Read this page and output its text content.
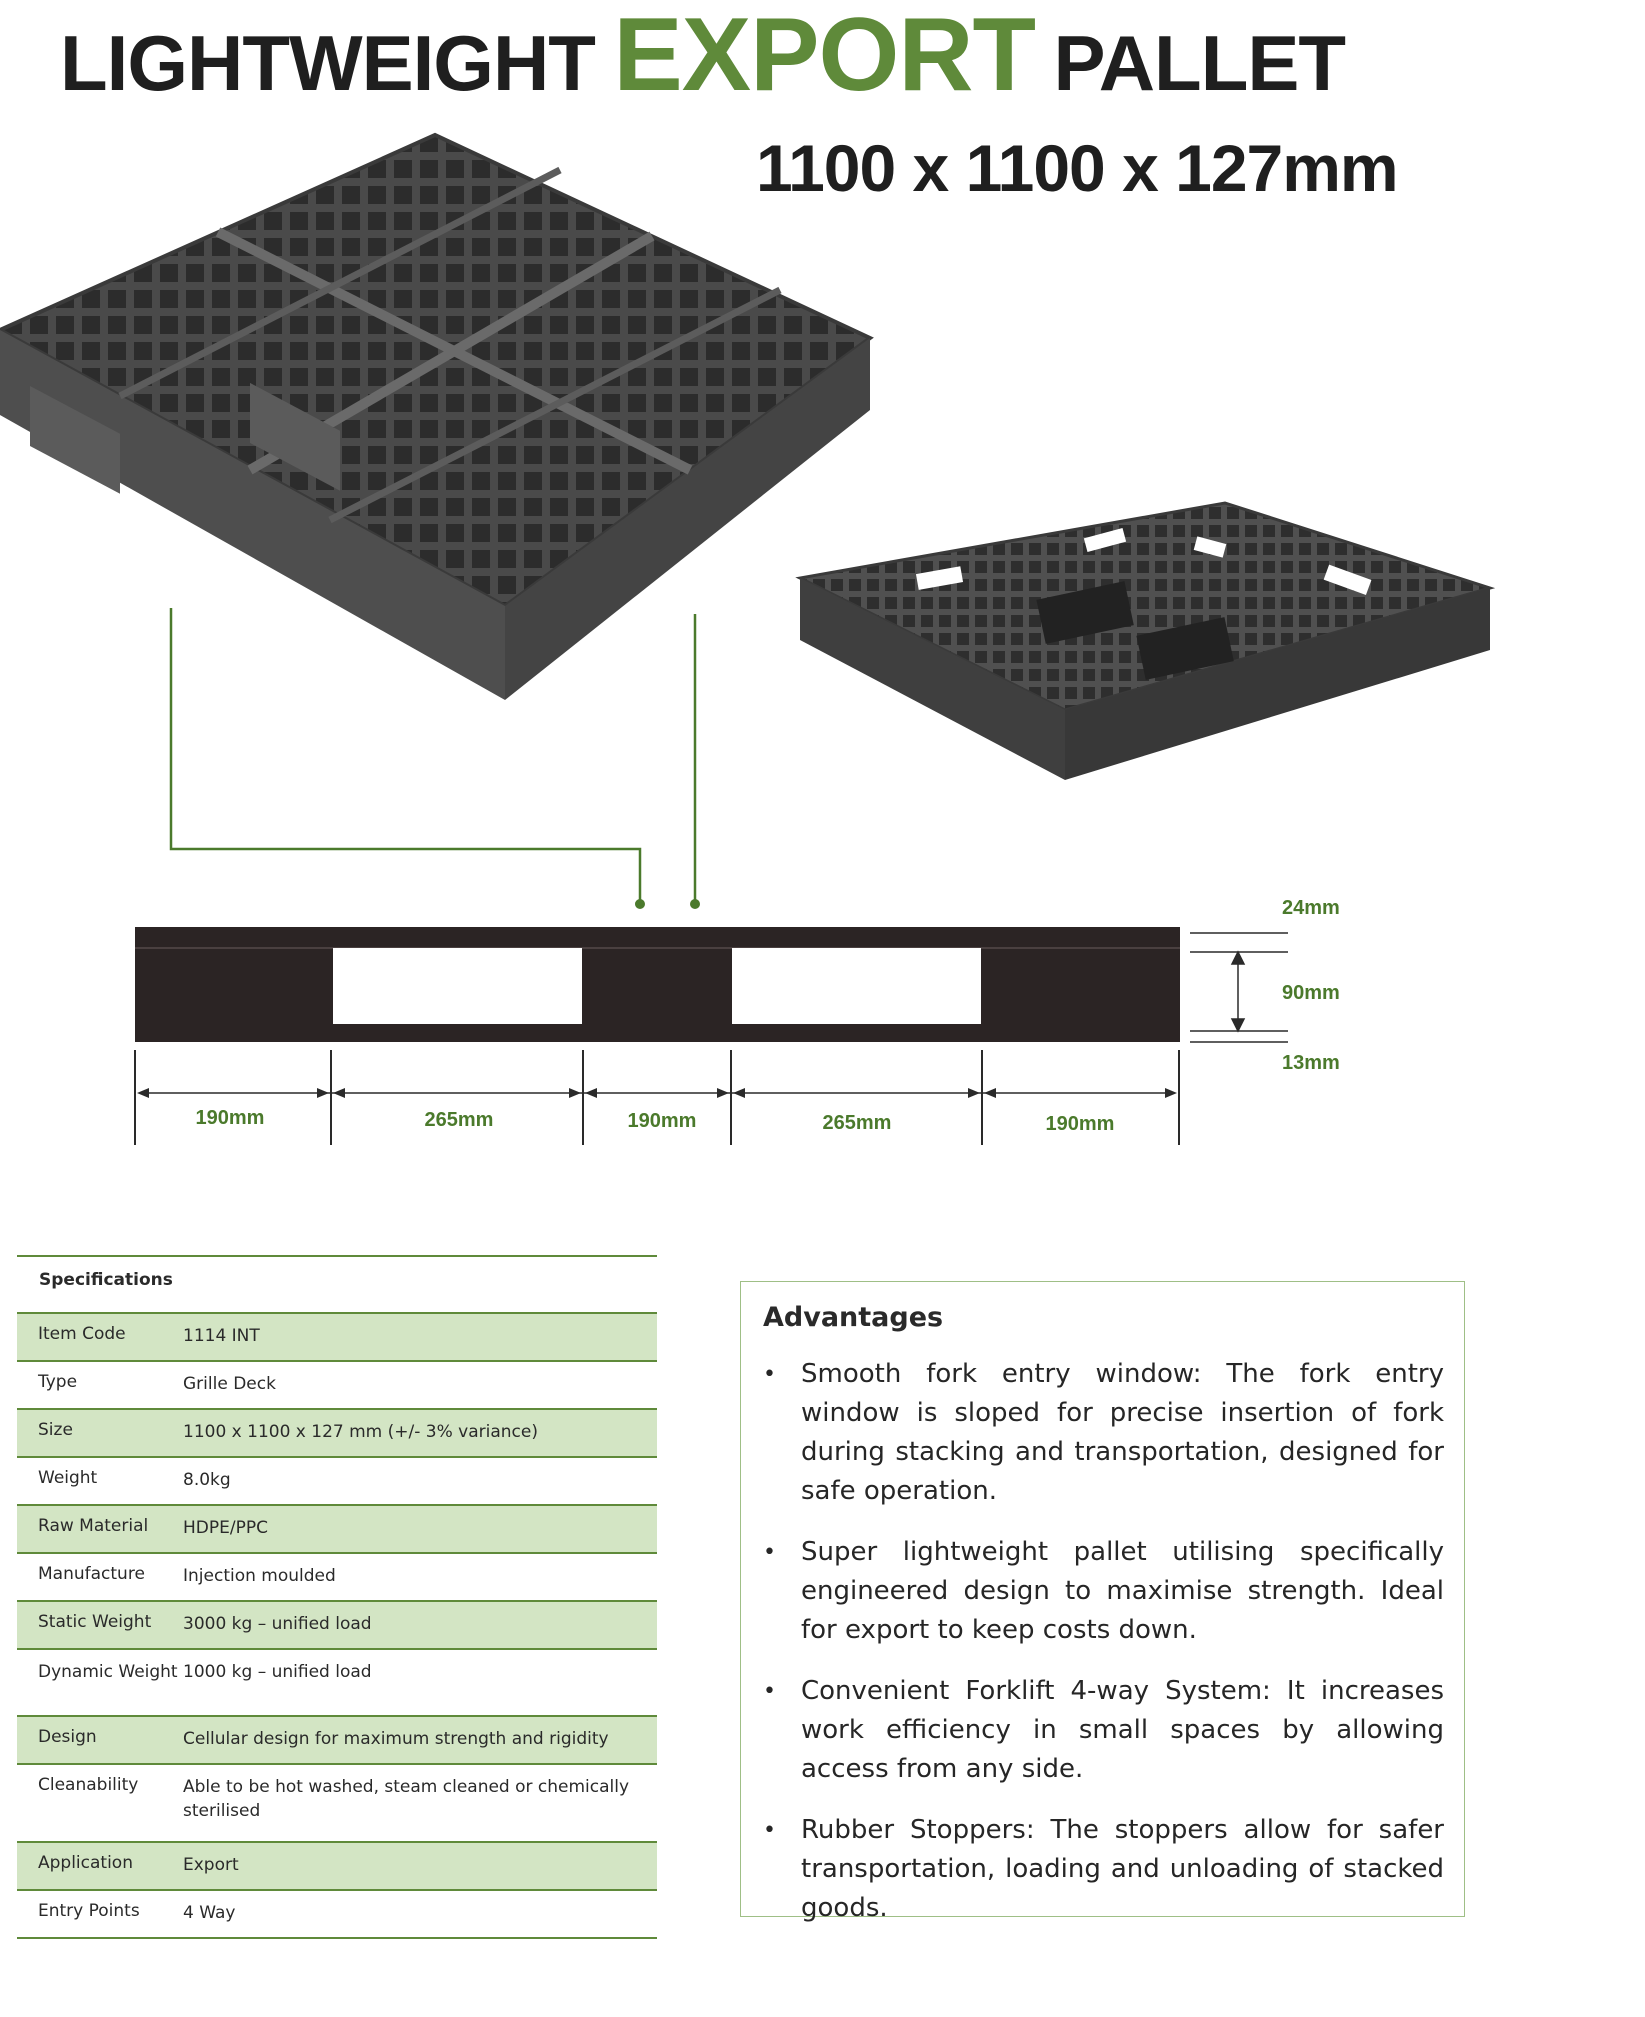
LIGHTWEIGHT EXPORT PALLET
1100 x 1100 x 127mm
190mm	265mm	190mm	265mm	190mm
24mm
90mm
13mm
Specifications
Item Code	1114 INT
Type	Grille Deck
Size	1100 x 1100 x 127 mm (+/- 3% variance)
Weight	8.0kg
Raw Material	HDPE/PPC
Manufacture	Injection moulded
Static Weight	3000 kg – unified load
Dynamic Weight 1000 kg – unified load
Design	Cellular design for maximum strength and rigidity
Cleanability	Able to be hot washed, steam cleaned or chemically sterilised
Application	Export
Entry Points	4 Way
Advantages
• Smooth fork entry window: The fork entry window is sloped for precise insertion of fork during stacking and transportation, designed for safe operation.
• Super lightweight pallet utilising specifically engineered design to maximise strength. Ideal for export to keep costs down.
• Convenient Forklift 4-way System: It increases work efficiency in small spaces by allowing access from any side.
• Rubber Stoppers: The stoppers allow for safer transportation, loading and unloading of stacked goods.
